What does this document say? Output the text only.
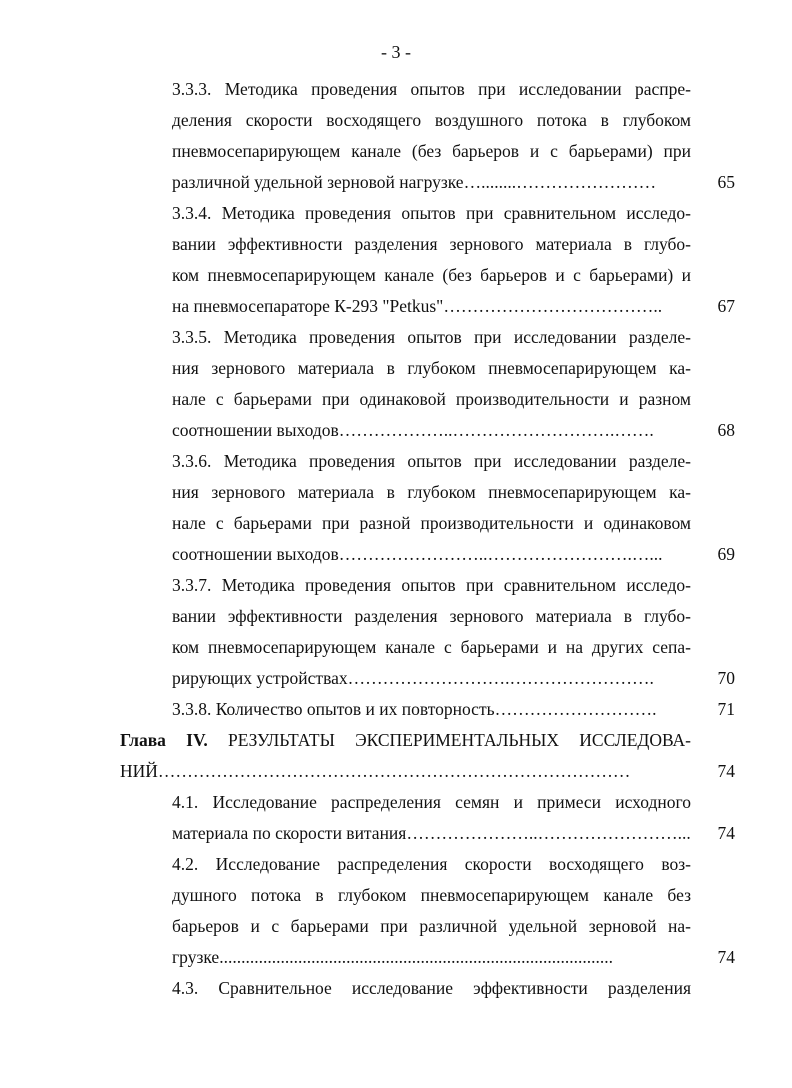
- 3 -
3.3.3. Методика проведения опытов при исследовании распре-
деления скорости восходящего воздушного потока в глубоком
пневмосепарирующем канале (без барьеров и с барьерами) при
различной удельной зерновой нагрузке…........……………………	65
3.3.4. Методика проведения опытов при сравнительном исследо-
вании эффективности разделения зернового материала в глубо-
ком пневмосепарирующем канале (без барьеров и с барьерами) и
на пневмосепараторе К-293 "Petkus"………………………………..	67
3.3.5. Методика проведения опытов при исследовании разделе-
ния зернового материала в глубоком пневмосепарирующем ка-
нале с барьерами при одинаковой производительности и разном
соотношении выходов………………..……………………….…….	68
3.3.6. Методика проведения опытов при исследовании разделе-
ния зернового материала в глубоком пневмосепарирующем ка-
нале с барьерами при разной производительности и одинаковом
соотношении выходов……………………..…………………….…...	69
3.3.7. Методика проведения опытов при сравнительном исследо-
вании эффективности разделения зернового материала в глубо-
ком пневмосепарирующем канале с барьерами и на других сепа-
рирующих устройствах……………………….…………………….	70
3.3.8. Количество опытов и их повторность……………………….	71
Глава IV. РЕЗУЛЬТАТЫ ЭКСПЕРИМЕНТАЛЬНЫХ ИССЛЕДОВА-
НИЙ………………………………………………………………………	74
4.1. Исследование распределения семян и примеси исходного
материала по скорости витания…………………..……………………...	74
4.2. Исследование распределения скорости восходящего воз-
душного потока в глубоком пневмосепарирующем канале без
барьеров и с барьерами при различной удельной зерновой на-
грузке..........................................................................................	74
4.3. Сравнительное исследование эффективности разделения
